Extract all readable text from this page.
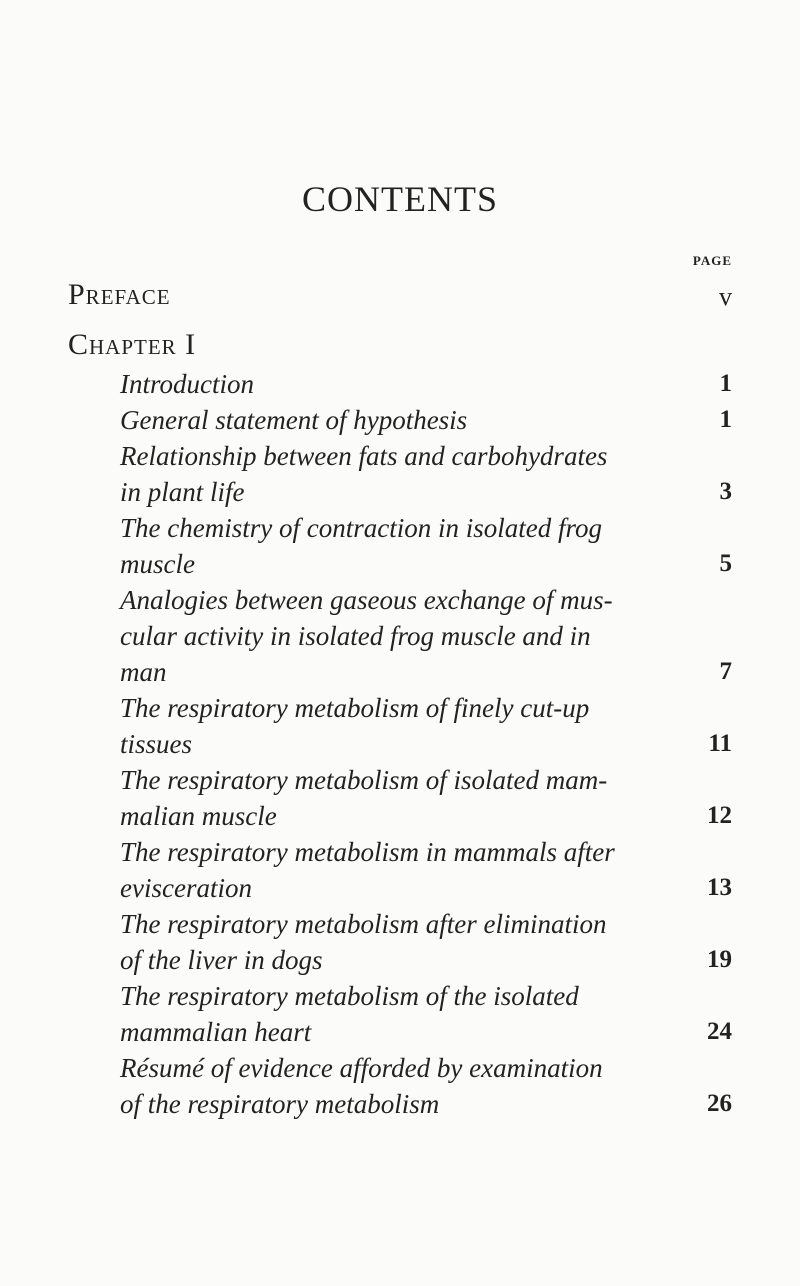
CONTENTS
PAGE
Preface	v
Chapter I
Introduction	1
General statement of hypothesis	1
Relationship between fats and carbohydrates
in plant life	3
The chemistry of contraction in isolated frog
muscle	5
Analogies between gaseous exchange of mus-
cular activity in isolated frog muscle and in
man	7
The respiratory metabolism of finely cut-up
tissues	11
The respiratory metabolism of isolated mam-
malian muscle	12
The respiratory metabolism in mammals after
evisceration	13
The respiratory metabolism after elimination
of the liver in dogs	19
The respiratory metabolism of the isolated
mammalian heart	24
Résumé of evidence afforded by examination
of the respiratory metabolism	26
